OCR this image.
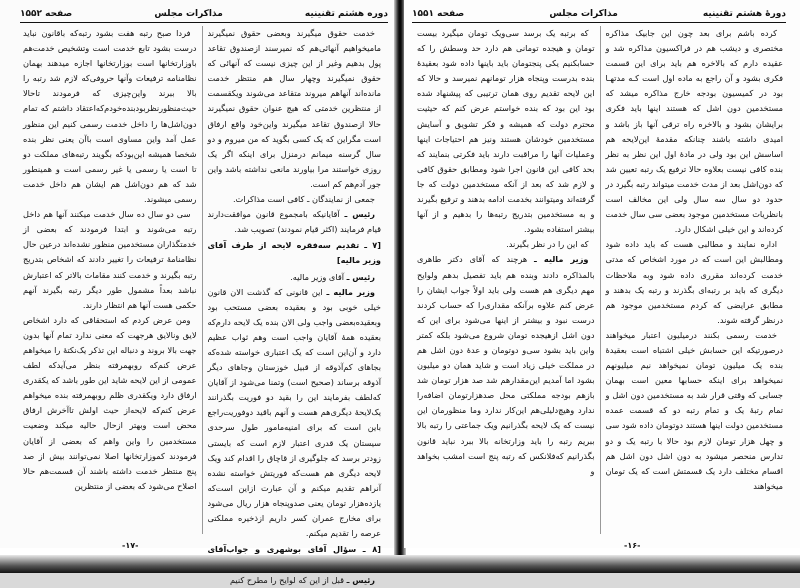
دوره هشتم تقنینیه
مذاکرات مجلس
صفحه ۱۵۵۲

خدمت حقوق میگیرند وبعضی حقوق نمیگیرند مامیخواهیم آنهائی‌هم که نمیرسند ازصندوق تقاعد پول بدهیم وغیر از این چیزی نیست که آنهائی که حقوق نمیگیرند وچهار سال هم منتظر خدمت مانده‌اند آنهاهم میروند متقاعد می‌شوند ویکقسمت از منتظرین خدمتی که هیچ عنوان حقوق نمیگیرند حالا ازصندوق تقاعد میگیرند واین‌خود واقع ارفاق است مگراین که یک کسی بگوید که من میروم و دو سال گرسنه میمانم درمنزل برای اینکه اگر یک روزی خواستند مرا بیاورند مانعی نداشته باشد واین جور آدم‌هم کم است.

جمعی از نمایندگان ـ کافی است مذاکرات.

رئیس ـ آقایانیکه بامجموع قانون موافقت‌دارند قیام فرمایند (اکثر قیام نمودند) تصویب شد.

[۷ ـ تقدیم سه‌فقره لایحه از طرف آقای وزیر مالیه]

رئیس ـ آقای وزیر مالیه.

وزیر مالیه ـ این قانونی که گذشت الان قانون خیلی خوبی بود و بعقیده بعضی مستحب بود وبعقیده‌بعضی واجب ولی الان بنده یک لایحه دارم‌که بعقیده همهٔ آقایان واجب است وهم ثواب عظیم دارد و آن‌این است که یک اعتباری خواسته شده‌که بجاهای کم‌آذوقه از قبیل خوزستان وجاهای دیگر آذوقه برساند (صحیح است) وتمنا می‌شود از آقایان که‌لطف بفرمایند این را بقید دو فوریت بگذرانند یک‌لایحهٔ دیگری‌هم هست و آنهم باقید دوفوریت‌راجع باین است که برای امنیه‌مامور طول سرحدی سیستان یک قدری اعتبار لازم است که بایستی زودتر برسد که جلوگیری از قاچاق را اقدام کند ویک لایحه دیگری هم هست‌که فوریتش خواسته نشده آنراهم تقدیم میکنم و آن عبارت ازاین است‌که یازده‌هزار تومان یعنی صدوپنجاه هزار ریال می‌شود برای مخارج عمران کسر داریم ازذخیره مملکتی عرصه را تقدیم میکنم.

[۸ ـ سؤال آقای بوشهری و جواب‌آقای

رئیس ـ قبل از این که لوایح را مطرح کنیم

فردا صبح رتبه هفت بشود رتبه‌که باقانون نباید درست بشود تابع خدمت است وتشخیص خدمت‌هم باوزارتخانها است بوزارتخانها اجازه میدهند بهمان نظامنامه ترفیعات وآنها حروفی‌که لازم شد رتبه را بالا ببرند واین‌چیزی که فرمودند تاحالا حیث‌منظورنظربود‌بنده‌خودم‌که‌اعتقاد داشتم که تمام دون‌اشل‌ها را داخل خدمت رسمی کنیم این منظور عمل آمد واین مساوی است باآن یعنی نظر بنده شخصا همیشه این‌بود‌که بگویند رتبه‌های مملکت دو تا است یا رسمی یا غیر رسمی است و همینطور شد که هم دون‌اشل هم ایشان هم داخل خدمت رسمی میشوند.

سی دو سال ده سال خدمت میکنند آنها هم داخل رتبه می‌شوند و ابتدا فرمودند که بعضی از خدمتگذاران مستخدمین منظور نشده‌اند درعین حال نظامنامهٔ ترفیعات را تغییر دادند که اشخاص بتدریج رتبه بگیرند و خدمت کنند مقامات بالاتر که اعتبارش نباشد بعداً مشمول طور دیگر رتبه بگیرند آنهم حکمی هست آنها هم انتظار دارند.

ومن عرض کردم که استحقاقی که دارد اشخاص لایق ونالایق هرجهت که معنی ندارد تمام آنها بدون جهت بالا بروند و دنباله این تذکر یک‌نکتهٔ را میخواهم عرض کنم‌که روبهمرفته بنظر می‌آید‌که لطف عمومی از این لایحه شاید این طور باشد که یکقدری ارفاق دارد ویکقدری ظلم روبهمرفته بنده میخواهم عرض کنم‌که لایحه‌از حیث اولش تاآخرش ارفاق محض است وبهتر ازحال حالیه میکند وضعیت مستخدمین را واین واهم که بعضی از آقایان فرمودند کموزارتخانها اصلا نمی‌توانند بیش از صد پنج منتظر خدمت داشته باشند آن قسمت‌هم حالا اصلاح می‌شود که بعضی از منتظرین

-۱۷-
دورهٔ هشتم تقنینیه
مذاکرات مجلس
صفحه ۱۵۵۱

کرده باشم برای بعد چون این جابیک مذاکره مختصری و دیشب هم در فراکسیون مذاکره شد و عقیده دارم که بالاخره هم باید برای این قسمت فکری بشود و آن راجع به ماده اول است کـه مدتهـا بود در کمیسیون بودجه خارج مذاکره میشد که مستخدمین دون اشل که هستند اینها باید فکری برایشان بشود و بالاخره راه ترقی آنها باز باشد و امیدی داشته باشند چنانکه مقدمهٔ این‌لایحه هم اساسش این بود ولی در مادهٔ اول این نظر به نظر بنده کافی نیست بعلاوه حالا ترفیع یک رتبه تعیین شد که دون‌اشل بعد از مدت خدمت میتواند رتبه بگیرد در حدود دو سال سه سال ولی این مخالف است بانظریات مستخدمین موجود بعضی سی سال خدمت کرده‌اند و این خیلی اشکال دارد.

اداره نمایند و مطالبی هست که باید داده شود ومطالبش این است که در مورد اشخاص که مدتی خدمت کرده‌اند مقرری داده شود وبه ملاحظات دیگری که باید بر رتبه‌ای بگذرند و رتبه یک بدهند و مطابق عرایضی که کردم مستخدمین موجود هم درنظر گرفته شوند.

خدمت رسمی بکنند درمیلیون اعتبار میخواهند درصورتیکه این حسابش خیلی اشتباه است بعقیدهٔ بنده یک میلیون تومان نمیخواهد نیم میلیونهم نمیخواهد برای اینکه حسابها معین است بهمان جسابی که وقتی قرار شد به مستخدمین دون اشل و تمام رتبهٔ یک و تمام رتبه دو که قسمت عمده مستخدمین دولت اینها هستند دوتومان داده شود سی و چهل هزار تومان لازم بود حالا با رتبه یک و دو تدارس منحصر میشود به دون اشل دون اشل هم اقسام مختلف دارد یک قسمتش است که یک تومان میخواهند

که برتبه یک برسد سی‌ویک تومان میگیرد بیست تومان و هیجده تومانی هم دارد حد وسطش را که حسابکنیم یکی پنجتومان باید باینها داده شود بعقیدهٔ بنده بدرست وپنجاه هزار تومانهم نمیرسد و حالا که این لایحه تقدیم روی همان ترتیبی که پیشنهاد شده بود این بود که بنده خواستم عرض کنم که حیثیت محترم دولت که همیشه و فکر تشویق و آسایش مستخدمین خودشان هستند ونیز هم احتیاجات اینها وعملیات آنها را مراقبت دارند باید فکرتی بنمایند که بحد کافی این قانون اجرا شود ومطابق حقوق کافی و لازم شد که بعد از آنکه مستخدمین دولت که جا گرفته‌اند ومیتوانند بخدمت ادامه بدهند و ترفیع بگیرند و به مستخدمین بتدریج رتبه‌ها را بدهیم و از آنها بیشتر استفاده بشود.

که این را در نظر بگیرند.

وزیر مالیه ـ هرچند که آقای دکتر طاهری بالمذاکره دادند وبنده هم باید تفصیل بدهم ولوایح مهم دیگری هم هست ولی باید اولاً جواب ایشان را عرض کنم علاوه برآنکه مقداری‌را که حساب کردند درست نبود و بیشتر از اینها می‌شود برای این که دون اشل ازهیجده تومان شروع می‌شود بلکه کمتر واین باید بشود سی‌و دوتومان و عدهٔ دون اشل هم در مملکت خیلی زیاد است و شاید همان دو میلیون بشود اما آمدیم این‌مقدارهم شد صد هزار تومان شد بازهم بودجه مملکتی محل صدهزارتومان اضافه‌را ندارد وهیچ‌دلیلی‌هم این‌کار ندارد وما منظورمان این نیست که یک لایحه بگذرانیم ویک جماعتی را رتبه بالا ببریم رتبه را باید وزارتخانه بالا ببرد نباید قانون بگذرانیم که‌فلانکس که رتبه پنج است امشب بخواهد و

-۱۶-
